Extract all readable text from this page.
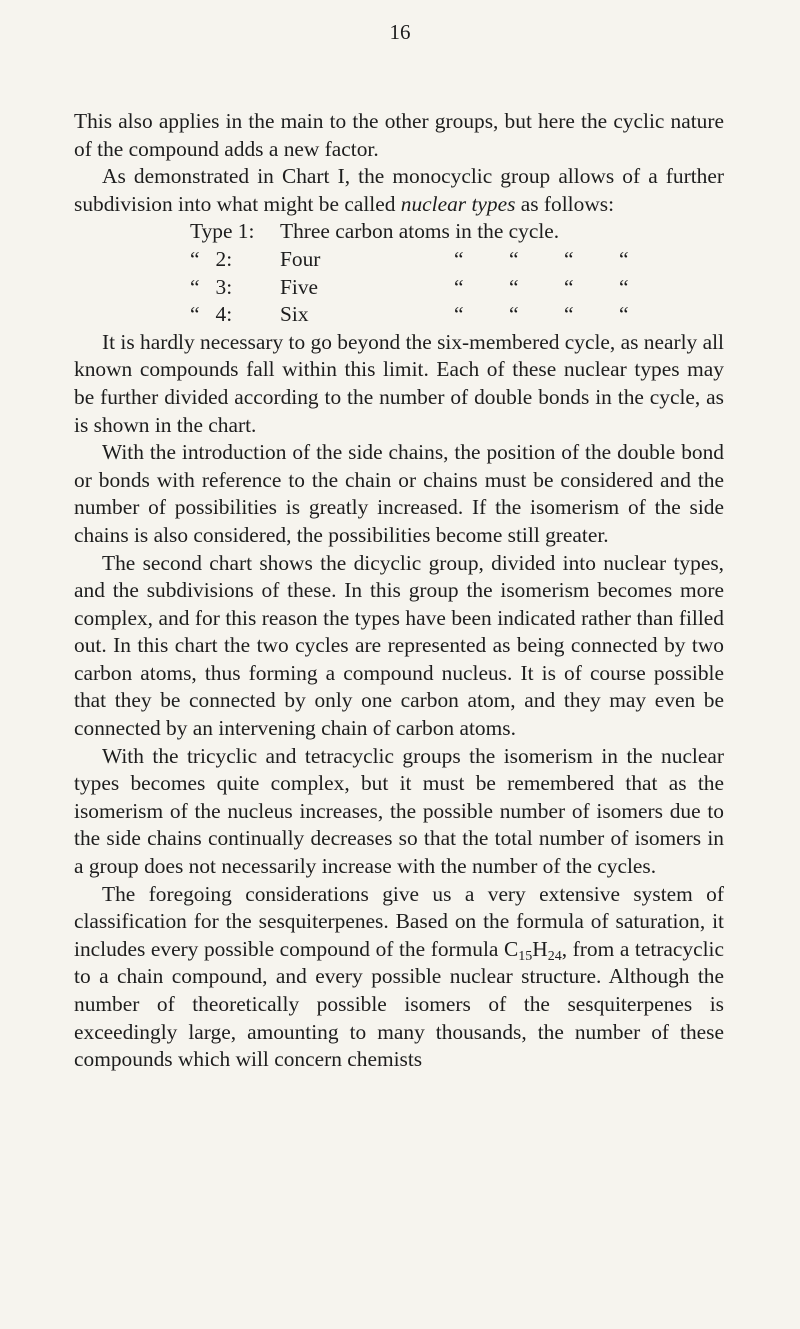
16

This also applies in the main to the other groups, but here the cyclic nature of the compound adds a new factor.

As demonstrated in Chart I, the monocyclic group allows of a further subdivision into what might be called nuclear types as follows:

Type 1:	Three carbon atoms in the cycle.
“   2:	Four	“	“	“	“
“   3:	Five	“	“	“	“
“   4:	Six	“	“	“	“

It is hardly necessary to go beyond the six-membered cycle, as nearly all known compounds fall within this limit. Each of these nuclear types may be further divided according to the number of double bonds in the cycle, as is shown in the chart.

With the introduction of the side chains, the position of the double bond or bonds with reference to the chain or chains must be considered and the number of possibilities is greatly increased. If the isomerism of the side chains is also considered, the possibilities become still greater.

The second chart shows the dicyclic group, divided into nuclear types, and the subdivisions of these. In this group the isomerism becomes more complex, and for this reason the types have been indicated rather than filled out. In this chart the two cycles are represented as being connected by two carbon atoms, thus forming a compound nucleus. It is of course possible that they be connected by only one carbon atom, and they may even be connected by an intervening chain of carbon atoms.

With the tricyclic and tetracyclic groups the isomerism in the nuclear types becomes quite complex, but it must be remembered that as the isomerism of the nucleus increases, the possible number of isomers due to the side chains continually decreases so that the total number of isomers in a group does not necessarily increase with the number of the cycles.

The foregoing considerations give us a very extensive system of classification for the sesquiterpenes. Based on the formula of saturation, it includes every possible compound of the formula $C_{15}H_{24}$, from a tetracyclic to a chain compound, and every possible nuclear structure. Although the number of theoretically possible isomers of the sesquiterpenes is exceedingly large, amounting to many thousands, the number of these compounds which will concern chemists
